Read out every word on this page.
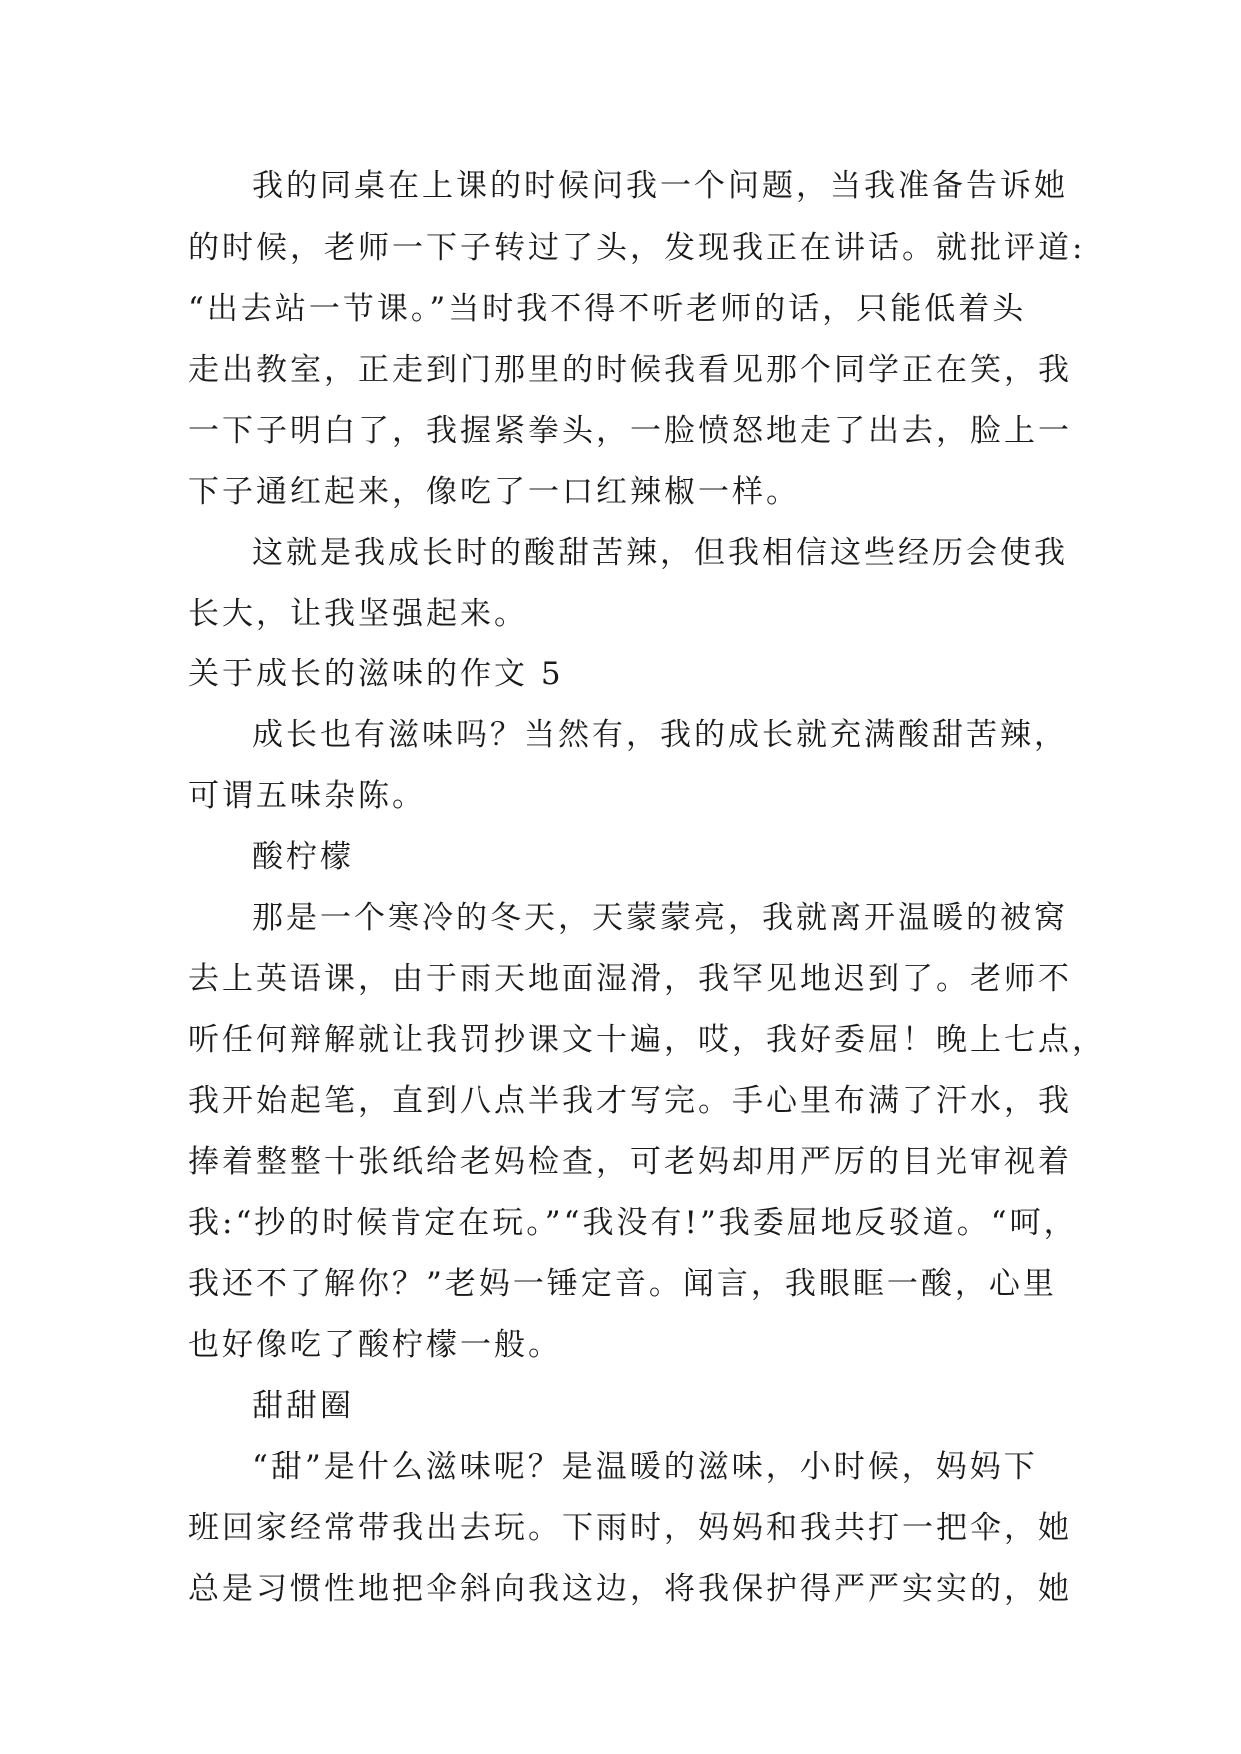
我的同桌在上课的时候问我一个问题，当我准备告诉她
的时候，老师一下子转过了头，发现我正在讲话。就批评道:
“出去站一节课。”当时我不得不听老师的话，只能低着头
走出教室，正走到门那里的时候我看见那个同学正在笑，我
一下子明白了，我握紧拳头，一脸愤怒地走了出去，脸上一
下子通红起来，像吃了一口红辣椒一样。
这就是我成长时的酸甜苦辣，但我相信这些经历会使我
长大，让我坚强起来。
关于成长的滋味的作文 5
成长也有滋味吗？当然有，我的成长就充满酸甜苦辣，
可谓五味杂陈。
酸柠檬
那是一个寒冷的冬天，天蒙蒙亮，我就离开温暖的被窝
去上英语课，由于雨天地面湿滑，我罕见地迟到了。老师不
听任何辩解就让我罚抄课文十遍，哎，我好委屈！晚上七点，
我开始起笔，直到八点半我才写完。手心里布满了汗水，我
捧着整整十张纸给老妈检查，可老妈却用严厉的目光审视着
我:“抄的时候肯定在玩。”“我没有!”我委屈地反驳道。“呵，
我还不了解你？”老妈一锤定音。闻言，我眼眶一酸，心里
也好像吃了酸柠檬一般。
甜甜圈
“甜”是什么滋味呢？是温暖的滋味，小时候，妈妈下
班回家经常带我出去玩。下雨时，妈妈和我共打一把伞，她
总是习惯性地把伞斜向我这边，将我保护得严严实实的，她
